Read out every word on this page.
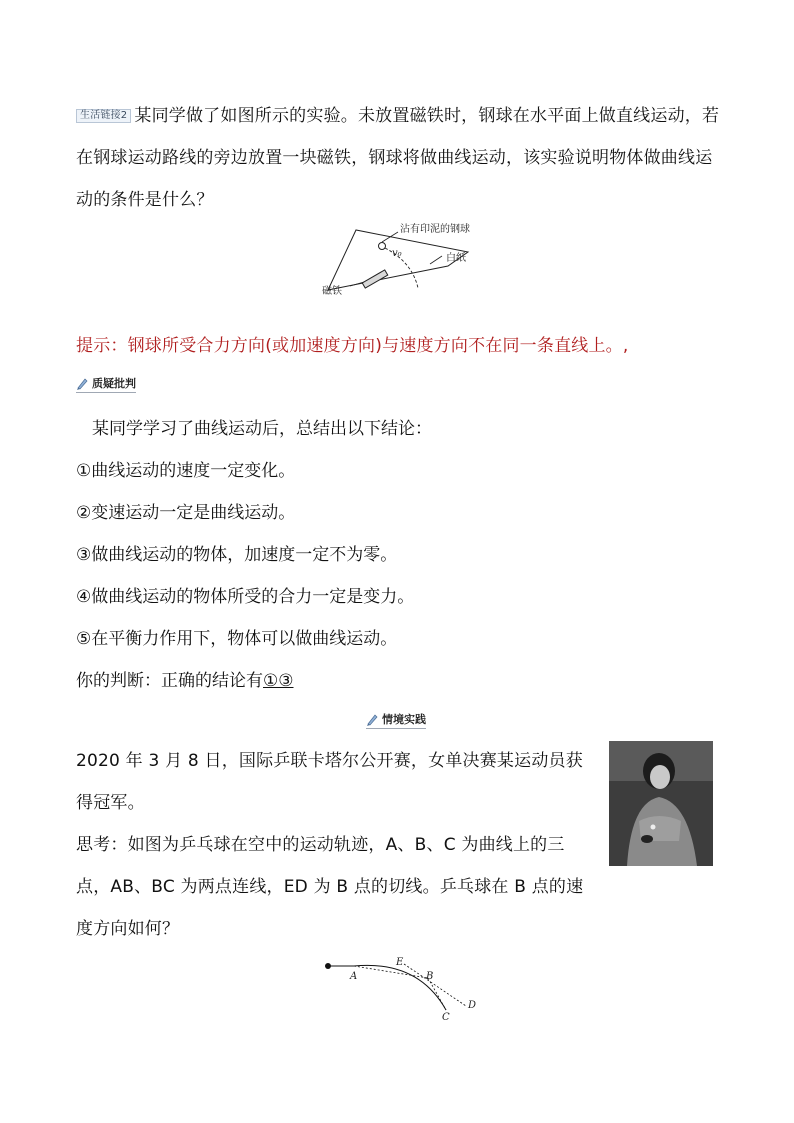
生活链接2 某同学做了如图所示的实验。未放置磁铁时，钢球在水平面上做直线运动，若在钢球运动路线的旁边放置一块磁铁，钢球将做曲线运动，该实验说明物体做曲线运动的条件是什么？
沾有印泥的钢球
v₀	白纸
磁铁
提示：钢球所受合力方向(或加速度方向)与速度方向不在同一条直线上。,
质疑批判
某同学学习了曲线运动后，总结出以下结论：
①曲线运动的速度一定变化。
②变速运动一定是曲线运动。
③做曲线运动的物体，加速度一定不为零。
④做曲线运动的物体所受的合力一定是变力。
⑤在平衡力作用下，物体可以做曲线运动。
你的判断：正确的结论有①③
情境实践
2020 年 3 月 8 日，国际乒联卡塔尔公开赛，女单决赛某运动员获得冠军。
思考：如图为乒乓球在空中的运动轨迹，A、B、C 为曲线上的三点，AB、BC 为两点连线，ED 为 B 点的切线。乒乓球在 B 点的速度方向如何？
A	B
C
D
E
